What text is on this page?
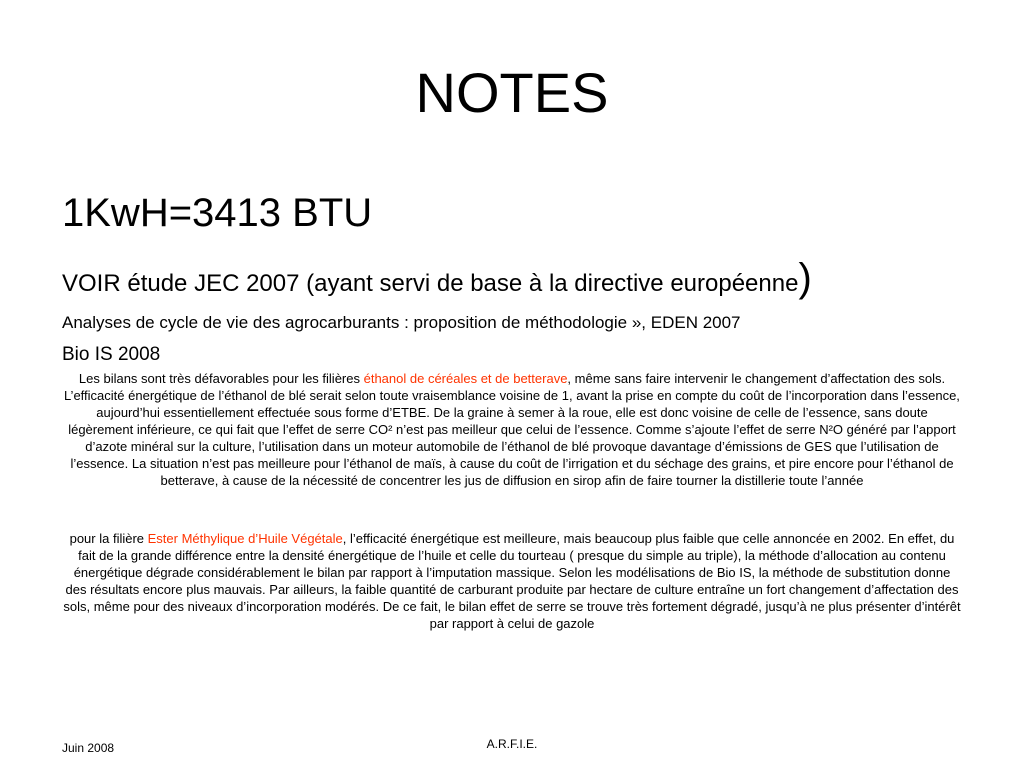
NOTES

1KwH=3413 BTU

VOIR étude JEC 2007 (ayant servi de base à la directive européenne)

Analyses de cycle de vie des agrocarburants : proposition de méthodologie », EDEN 2007

Bio IS 2008

Les bilans sont très défavorables pour les filières éthanol de céréales et de betterave, même sans faire intervenir le changement d’affectation des sols. L’efficacité énergétique de l’éthanol de blé serait selon toute vraisemblance voisine de 1, avant la prise en compte du coût de l’incorporation dans l’essence, aujourd’hui essentiellement effectuée sous forme d’ETBE. De la graine à semer à la roue, elle est donc voisine de celle de l’essence, sans doute légèrement inférieure, ce qui fait que l’effet de serre CO² n’est pas meilleur que celui de l’essence. Comme s’ajoute l’effet de serre N²O généré par l’apport d’azote minéral sur la culture, l’utilisation dans un moteur automobile de l’éthanol de blé provoque davantage d’émissions de GES que l’utilisation de l’essence. La situation n’est pas meilleure pour l’éthanol de maïs, à cause du coût de l’irrigation et du séchage des grains, et pire encore pour l’éthanol de betterave, à cause de la nécessité de concentrer les jus de diffusion en sirop afin de faire tourner la distillerie toute l’année

pour la filière Ester Méthylique d’Huile Végétale, l’efficacité énergétique est meilleure, mais beaucoup plus faible que celle annoncée en 2002. En effet, du fait de la grande différence entre la densité énergétique de l’huile et celle du tourteau ( presque du simple au triple), la méthode d’allocation au contenu énergétique dégrade considérablement le bilan par rapport à l’imputation massique. Selon les modélisations de Bio IS, la méthode de substitution donne des résultats encore plus mauvais. Par ailleurs, la faible quantité de carburant produite par hectare de culture entraîne un fort changement d’affectation des sols, même pour des niveaux d’incorporation modérés. De ce fait, le bilan effet de serre se trouve très fortement dégradé, jusqu’à ne plus présenter d’intérêt par rapport à celui de gazole

Juin 2008	A.R.F.I.E.
